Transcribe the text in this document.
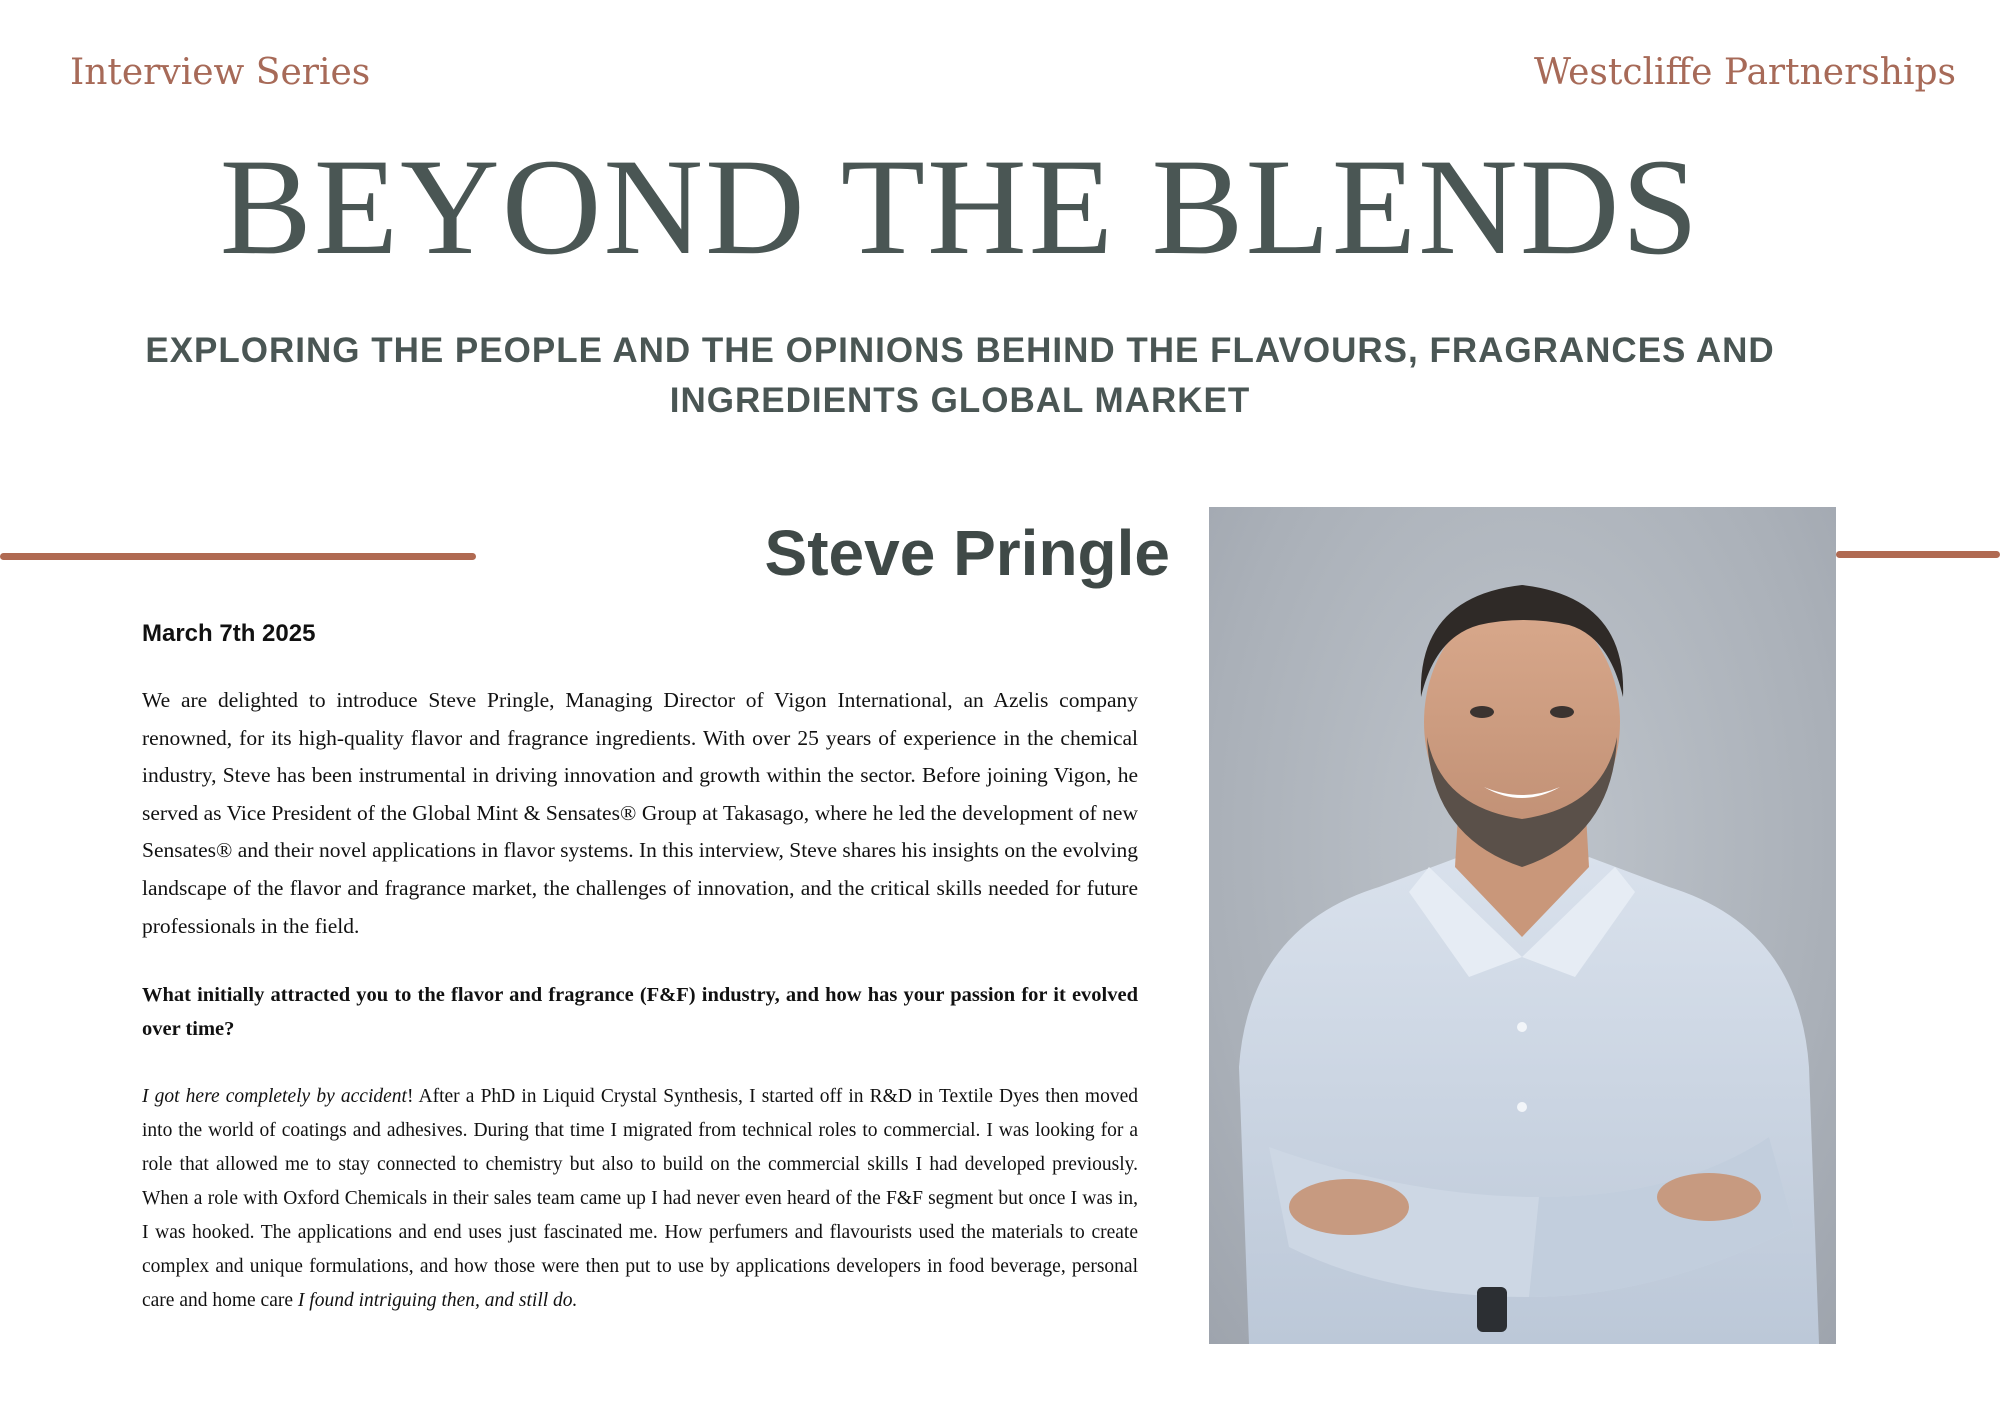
Interview Series	Westcliffe Partnerships
BEYOND THE BLENDS
EXPLORING THE PEOPLE AND THE OPINIONS BEHIND THE FLAVOURS, FRAGRANCES AND INGREDIENTS GLOBAL MARKET
Steve Pringle
March 7th 2025

We are delighted to introduce Steve Pringle, Managing Director of Vigon International, an Azelis company renowned, for its high-quality flavor and fragrance ingredients. With over 25 years of experience in the chemical industry, Steve has been instrumental in driving innovation and growth within the sector. Before joining Vigon, he served as Vice President of the Global Mint & Sensates® Group at Takasago, where he led the development of new Sensates® and their novel applications in flavor systems. In this interview, Steve shares his insights on the evolving landscape of the flavor and fragrance market, the challenges of innovation, and the critical skills needed for future professionals in the field.

What initially attracted you to the flavor and fragrance (F&F) industry, and how has your passion for it evolved over time?

I got here completely by accident! After a PhD in Liquid Crystal Synthesis, I started off in R&D in Textile Dyes then moved into the world of coatings and adhesives. During that time I migrated from technical roles to commercial. I was looking for a role that allowed me to stay connected to chemistry but also to build on the commercial skills I had developed previously. When a role with Oxford Chemicals in their sales team came up I had never even heard of the F&F segment but once I was in, I was hooked. The applications and end uses just fascinated me. How perfumers and flavourists used the materials to create complex and unique formulations, and how those were then put to use by applications developers in food beverage, personal care and home care I found intriguing then, and still do.
